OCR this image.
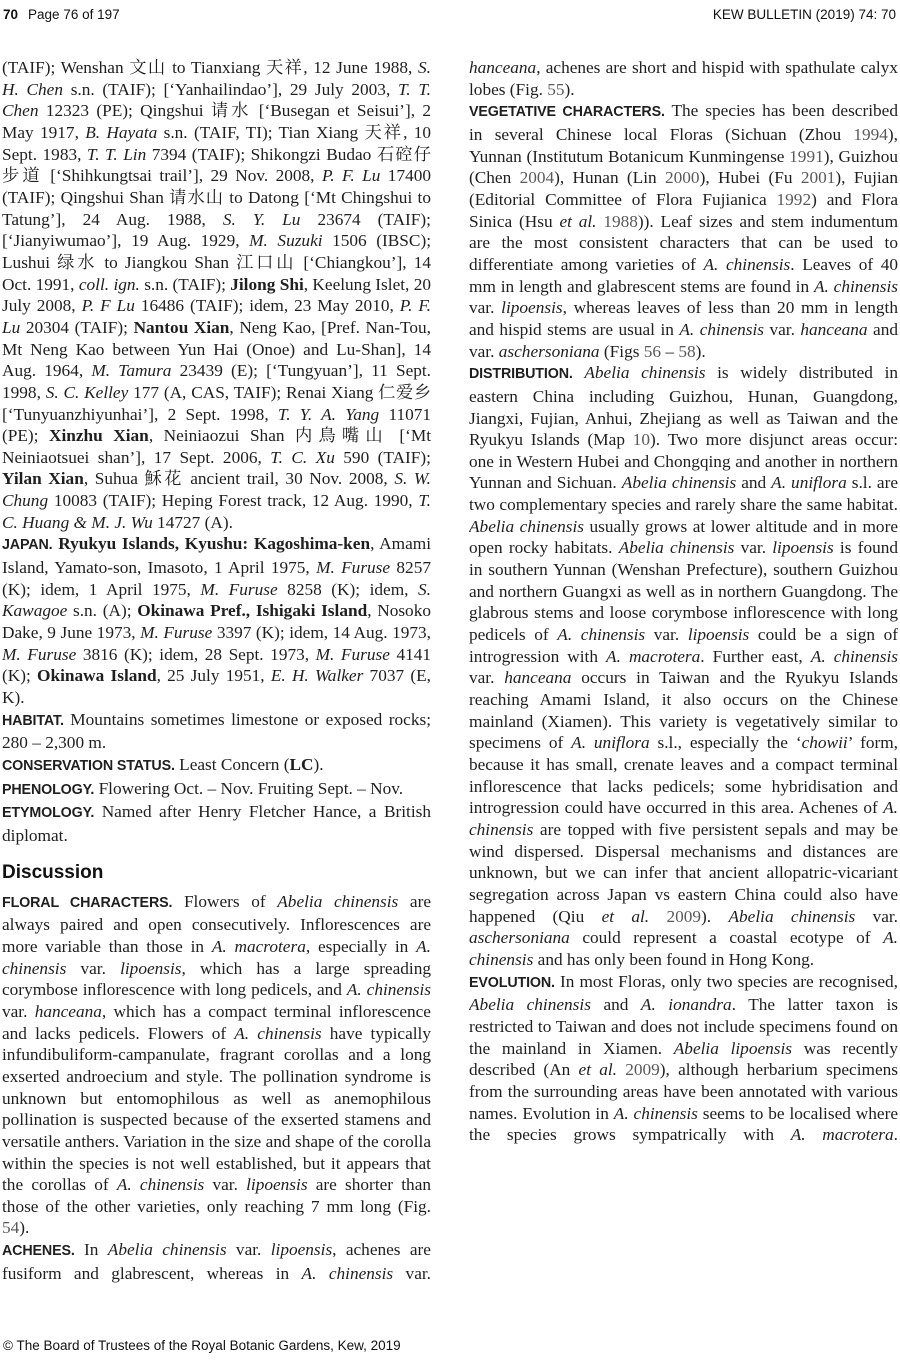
70 Page 76 of 197	KEW BULLETIN (2019) 74: 70

(TAIF); Wenshan 文山 to Tianxiang 天祥, 12 June 1988, S. H. Chen s.n. (TAIF); [‘Yanhailindao’], 29 July 2003, T. T. Chen 12323 (PE); Qingshui 请水 [‘Busegan et Seisui’], 2 May 1917, B. Hayata s.n. (TAIF, TI); Tian Xiang 天祥, 10 Sept. 1983, T. T. Lin 7394 (TAIF); Shikongzi Budao 石硿仔步道 [‘Shihkungtsai trail’], 29 Nov. 2008, P. F. Lu 17400 (TAIF); Qingshui Shan 请水山 to Datong [‘Mt Chingshui to Tatung’], 24 Aug. 1988, S. Y. Lu 23674 (TAIF); [‘Jianyiwumao’], 19 Aug. 1929, M. Suzuki 1506 (IBSC); Lushui 绿水 to Jiangkou Shan 江口山 [‘Chiangkou’], 14 Oct. 1991, coll. ign. s.n. (TAIF); Jilong Shi, Keelung Islet, 20 July 2008, P. F Lu 16486 (TAIF); idem, 23 May 2010, P. F. Lu 20304 (TAIF); Nantou Xian, Neng Kao, [Pref. Nan-Tou, Mt Neng Kao between Yun Hai (Onoe) and Lu-Shan], 14 Aug. 1964, M. Tamura 23439 (E); [‘Tungyuan’], 11 Sept. 1998, S. C. Kelley 177 (A, CAS, TAIF); Renai Xiang 仁爱乡 [‘Tunyuanzhiyunhai’], 2 Sept. 1998, T. Y. A. Yang 11071 (PE); Xinzhu Xian, Neiniaozui Shan 内鳥嘴山 [‘Mt Neiniaotsuei shan’], 17 Sept. 2006, T. C. Xu 590 (TAIF); Yilan Xian, Suhua 穌花 ancient trail, 30 Nov. 2008, S. W. Chung 10083 (TAIF); Heping Forest track, 12 Aug. 1990, T. C. Huang & M. J. Wu 14727 (A).

JAPAN. Ryukyu Islands, Kyushu: Kagoshima-ken, Amami Island, Yamato-son, Imasoto, 1 April 1975, M. Furuse 8257 (K); idem, 1 April 1975, M. Furuse 8258 (K); idem, S. Kawagoe s.n. (A); Okinawa Pref., Ishigaki Island, Nosoko Dake, 9 June 1973, M. Furuse 3397 (K); idem, 14 Aug. 1973, M. Furuse 3816 (K); idem, 28 Sept. 1973, M. Furuse 4141 (K); Okinawa Island, 25 July 1951, E. H. Walker 7037 (E, K).

HABITAT. Mountains sometimes limestone or exposed rocks; 280 – 2,300 m.

CONSERVATION STATUS. Least Concern (LC).

PHENOLOGY. Flowering Oct. – Nov. Fruiting Sept. – Nov.

ETYMOLOGY. Named after Henry Fletcher Hance, a British diplomat.

Discussion

FLORAL CHARACTERS. Flowers of Abelia chinensis are always paired and open consecutively. Inflorescences are more variable than those in A. macrotera, especially in A. chinensis var. lipoensis, which has a large spreading corymbose inflorescence with long pedicels, and A. chinensis var. hanceana, which has a compact terminal inflorescence and lacks pedicels. Flowers of A. chinensis have typically infundibuliform-campanulate, fragrant corollas and a long exserted androecium and style. The pollination syndrome is unknown but entomophilous as well as anemophilous pollination is suspected because of the exserted stamens and versatile anthers. Variation in the size and shape of the corolla within the species is not well established, but it appears that the corollas of A. chinensis var. lipoensis are shorter than those of the other varieties, only reaching 7 mm long (Fig. 54).

ACHENES. In Abelia chinensis var. lipoensis, achenes are fusiform and glabrescent, whereas in A. chinensis var.

hanceana, achenes are short and hispid with spathulate calyx lobes (Fig. 55).

VEGETATIVE CHARACTERS. The species has been described in several Chinese local Floras (Sichuan (Zhou 1994), Yunnan (Institutum Botanicum Kunmingense 1991), Guizhou (Chen 2004), Hunan (Lin 2000), Hubei (Fu 2001), Fujian (Editorial Committee of Flora Fujianica 1992) and Flora Sinica (Hsu et al. 1988)). Leaf sizes and stem indumentum are the most consistent characters that can be used to differentiate among varieties of A. chinensis. Leaves of 40 mm in length and glabrescent stems are found in A. chinensis var. lipoensis, whereas leaves of less than 20 mm in length and hispid stems are usual in A. chinensis var. hanceana and var. aschersoniana (Figs 56 – 58).

DISTRIBUTION. Abelia chinensis is widely distributed in eastern China including Guizhou, Hunan, Guangdong, Jiangxi, Fujian, Anhui, Zhejiang as well as Taiwan and the Ryukyu Islands (Map 10). Two more disjunct areas occur: one in Western Hubei and Chongqing and another in northern Yunnan and Sichuan. Abelia chinensis and A. uniflora s.l. are two complementary species and rarely share the same habitat. Abelia chinensis usually grows at lower altitude and in more open rocky habitats. Abelia chinensis var. lipoensis is found in southern Yunnan (Wenshan Prefecture), southern Guizhou and northern Guangxi as well as in northern Guangdong. The glabrous stems and loose corymbose inflorescence with long pedicels of A. chinensis var. lipoensis could be a sign of introgression with A. macrotera. Further east, A. chinensis var. hanceana occurs in Taiwan and the Ryukyu Islands reaching Amami Island, it also occurs on the Chinese mainland (Xiamen). This variety is vegetatively similar to specimens of A. uniflora s.l., especially the ‘chowii’ form, because it has small, crenate leaves and a compact terminal inflorescence that lacks pedicels; some hybridisation and introgression could have occurred in this area. Achenes of A. chinensis are topped with five persistent sepals and may be wind dispersed. Dispersal mechanisms and distances are unknown, but we can infer that ancient allopatric-vicariant segregation across Japan vs eastern China could also have happened (Qiu et al. 2009). Abelia chinensis var. aschersoniana could represent a coastal ecotype of A. chinensis and has only been found in Hong Kong.

EVOLUTION. In most Floras, only two species are recognised, Abelia chinensis and A. ionandra. The latter taxon is restricted to Taiwan and does not include specimens found on the mainland in Xiamen. Abelia lipoensis was recently described (An et al. 2009), although herbarium specimens from the surrounding areas have been annotated with various names. Evolution in A. chinensis seems to be localised where the species grows sympatrically with A. macrotera.

© The Board of Trustees of the Royal Botanic Gardens, Kew, 2019
